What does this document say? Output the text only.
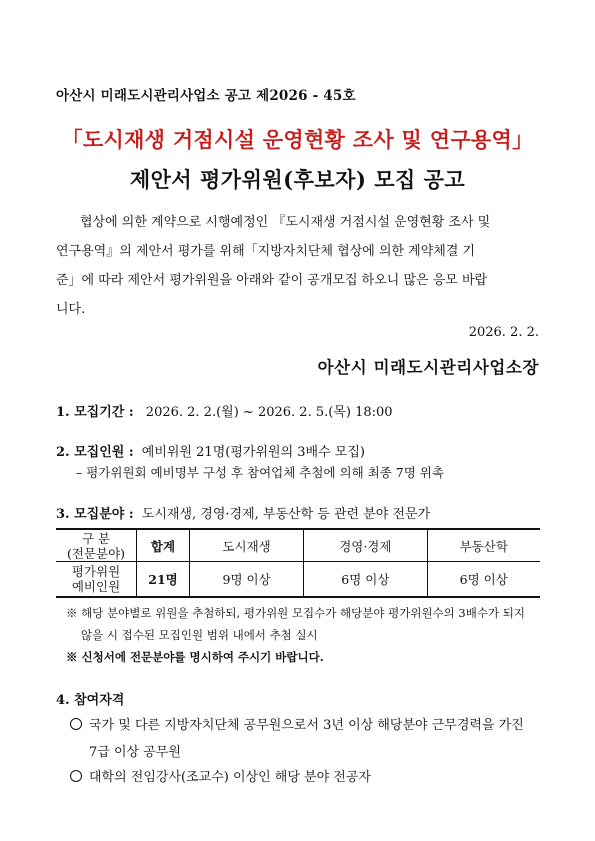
아산시 미래도시관리사업소 공고 제2026 - 45호
「도시재생 거점시설 운영현황 조사 및 연구용역」
제안서 평가위원(후보자) 모집 공고
협상에 의한 계약으로 시행예정인 『도시재생 거점시설 운영현황 조사 및
연구용역』의 제안서 평가를 위해「지방자치단체 협상에 의한 계약체결 기
준」에 따라 제안서 평가위원을 아래와 같이 공개모집 하오니 많은 응모 바랍
니다.
2026. 2. 2.
아산시 미래도시관리사업소장
1. 모집기간 : 2026. 2. 2.(월) ~ 2026. 2. 5.(목) 18:00
2. 모집인원 : 예비위원 21명(평가위원의 3배수 모집)
– 평가위원회 예비명부 구성 후 참여업체 추첨에 의해 최종 7명 위촉
3. 모집분야 : 도시재생, 경영·경제, 부동산학 등 관련 분야 전문가
구 분
(전문분야)	합계	도시재생	경영·경제	부동산학

평가위원
예비인원	21명	9명 이상	6명 이상	6명 이상
※ 해당 분야별로 위원을 추첨하되, 평가위원 모집수가 해당분야 평가위원수의 3배수가 되지
않을 시 접수된 모집인원 범위 내에서 추첨 실시
※ 신청서에 전문분야를 명시하여 주시기 바랍니다.
4. 참여자격
국가 및 다른 지방자치단체 공무원으로서 3년 이상 해당분야 근무경력을 가진
7급 이상 공무원
대학의 전임강사(조교수) 이상인 해당 분야 전공자
